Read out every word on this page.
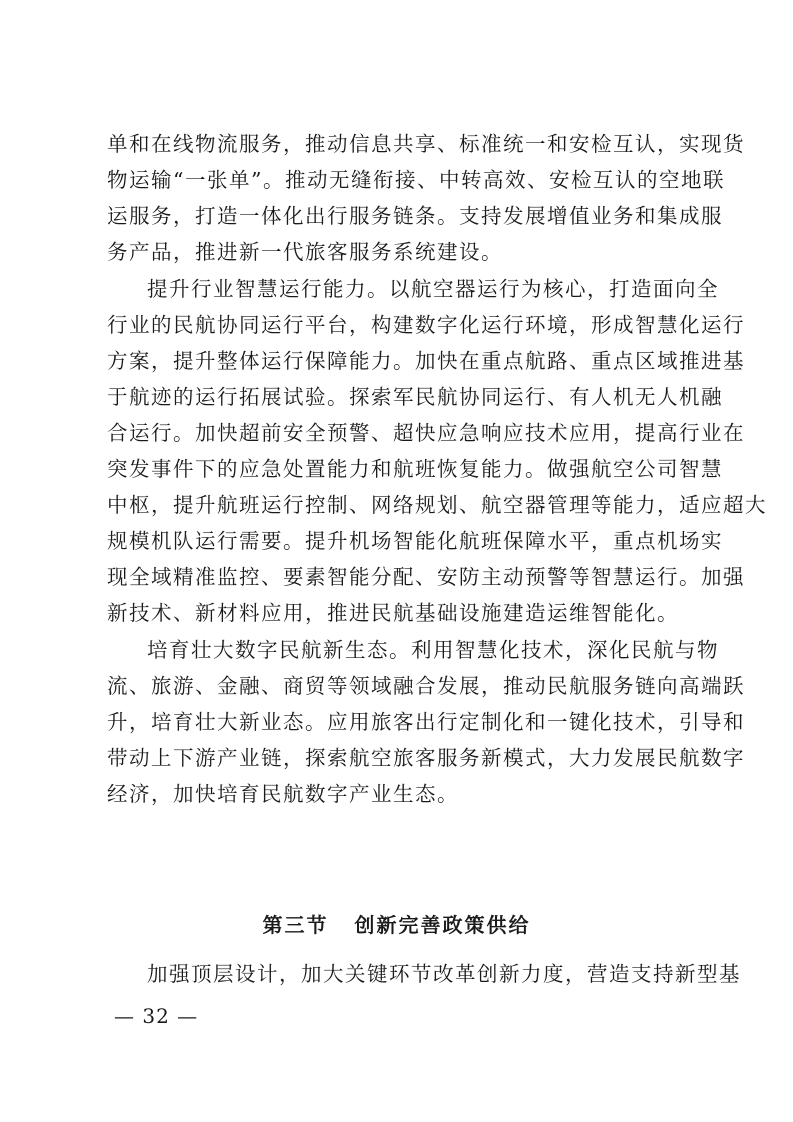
单和在线物流服务，推动信息共享、标准统一和安检互认，实现货
物运输“一张单”。推动无缝衔接、中转高效、安检互认的空地联
运服务，打造一体化出行服务链条。支持发展增值业务和集成服
务产品，推进新一代旅客服务系统建设。
提升行业智慧运行能力。以航空器运行为核心，打造面向全
行业的民航协同运行平台，构建数字化运行环境，形成智慧化运行
方案，提升整体运行保障能力。加快在重点航路、重点区域推进基
于航迹的运行拓展试验。探索军民航协同运行、有人机无人机融
合运行。加快超前安全预警、超快应急响应技术应用，提高行业在
突发事件下的应急处置能力和航班恢复能力。做强航空公司智慧
中枢，提升航班运行控制、网络规划、航空器管理等能力，适应超大
规模机队运行需要。提升机场智能化航班保障水平，重点机场实
现全域精准监控、要素智能分配、安防主动预警等智慧运行。加强
新技术、新材料应用，推进民航基础设施建造运维智能化。
培育壮大数字民航新生态。利用智慧化技术，深化民航与物
流、旅游、金融、商贸等领域融合发展，推动民航服务链向高端跃
升，培育壮大新业态。应用旅客出行定制化和一键化技术，引导和
带动上下游产业链，探索航空旅客服务新模式，大力发展民航数字
经济，加快培育民航数字产业生态。
第三节 创新完善政策供给
加强顶层设计，加大关键环节改革创新力度，营造支持新型基
— 32 —
